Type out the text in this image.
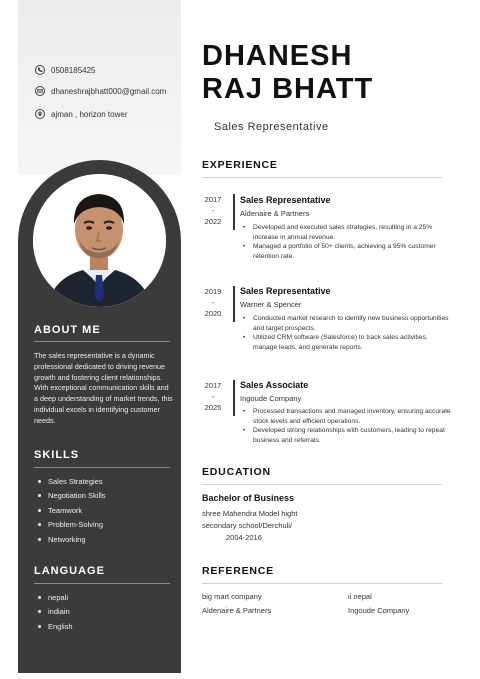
0508185425
dhaneshrajbhatt000@gmail.com
ajman , horizon tower
ABOUT ME
The sales representative is a dynamic professional dedicated to driving revenue growth and fostering client relationships. With exceptional communication skills and a deep understanding of market trends, this individual excels in identifying customer needs.
SKILLS
Sales Strategies
Negotiation Skills
Teamwork
Problem-Solving
Networking
LANGUAGE
nepali
indiain
English
DHANESH
RAJ BHATT
Sales Representative
EXPERIENCE
2017
-
2022
Sales Representative
Aldenaire & Partners
• Developed and executed sales strategies, resulting in a 25% increase in annual revenue.
• Managed a portfolio of 50+ clients, achieving a 95% customer retention rate.
2019
-
2020
Sales Representative
Warner & Spencer
• Conducted market research to identify new business opportunities and target prospects.
• Utilized CRM software (Salesforce) to track sales activities, manage leads, and generate reports.
2017
-
2025
Sales Associate
Ingoude Company
• Processed transactions and managed inventory, ensuring accurate stock levels and efficient operations.
• Developed strong relationships with customers, leading to repeat business and referrals.
EDUCATION
Bachelor of Business
shree Mahendra Model hight secondary school/Derchuli/
2004-2016
REFERENCE
big mart company
Aldenaire & Partners
ii nepal
Ingoude Company
